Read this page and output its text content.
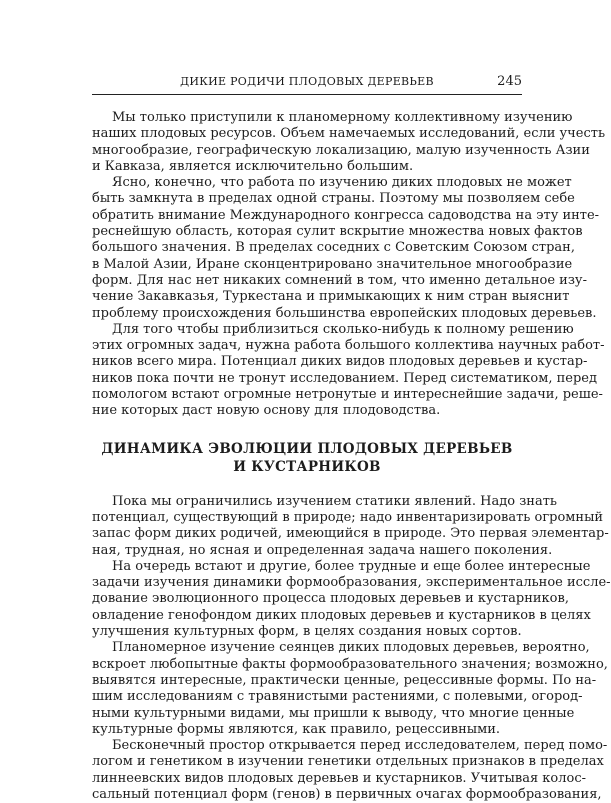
ДИКИЕ РОДИЧИ ПЛОДОВЫХ ДЕРЕВЬЕВ	245
Мы только приступили к планомерному коллективному изучению
наших плодовых ресурсов. Объем намечаемых исследований, если учесть
многообразие, географическую локализацию, малую изученность Азии
и Кавказа, является исключительно большим.
Ясно, конечно, что работа по изучению диких плодовых не может
быть замкнута в пределах одной страны. Поэтому мы позволяем себе
обратить внимание Международного конгресса садоводства на эту инте-
реснейшую область, которая сулит вскрытие множества новых фактов
большого значения. В пределах соседних с Советским Союзом стран,
в Малой Азии, Иране сконцентрировано значительное многообразие
форм. Для нас нет никаких сомнений в том, что именно детальное изу-
чение Закавказья, Туркестана и примыкающих к ним стран выяснит
проблему происхождения большинства европейских плодовых деревьев.
Для того чтобы приблизиться сколько-нибудь к полному решению
этих огромных задач, нужна работа большого коллектива научных работ-
ников всего мира. Потенциал диких видов плодовых деревьев и кустар-
ников пока почти не тронут исследованием. Перед систематиком, перед
помологом встают огромные нетронутые и интереснейшие задачи, реше-
ние которых даст новую основу для плодоводства.
ДИНАМИКА ЭВОЛЮЦИИ ПЛОДОВЫХ ДЕРЕВЬЕВ
И КУСТАРНИКОВ
Пока мы ограничились изучением статики явлений. Надо знать
потенциал, существующий в природе; надо инвентаризировать огромный
запас форм диких родичей, имеющийся в природе. Это первая элементар-
ная, трудная, но ясная и определенная задача нашего поколения.
На очередь встают и другие, более трудные и еще более интересные
задачи изучения динамики формообразования, экспериментальное иссле-
дование эволюционного процесса плодовых деревьев и кустарников,
овладение генофондом диких плодовых деревьев и кустарников в целях
улучшения культурных форм, в целях создания новых сортов.
Планомерное изучение сеянцев диких плодовых деревьев, вероятно,
вскроет любопытные факты формообразовательного значения; возможно,
выявятся интересные, практически ценные, рецессивные формы. По на-
шим исследованиям с травянистыми растениями, с полевыми, огород-
ными культурными видами, мы пришли к выводу, что многие ценные
культурные формы являются, как правило, рецессивными.
Бесконечный простор открывается перед исследователем, перед помо-
логом и генетиком в изучении генетики отдельных признаков в пределах
линнеевских видов плодовых деревьев и кустарников. Учитывая колос-
сальный потенциал форм (генов) в первичных очагах формообразования,
